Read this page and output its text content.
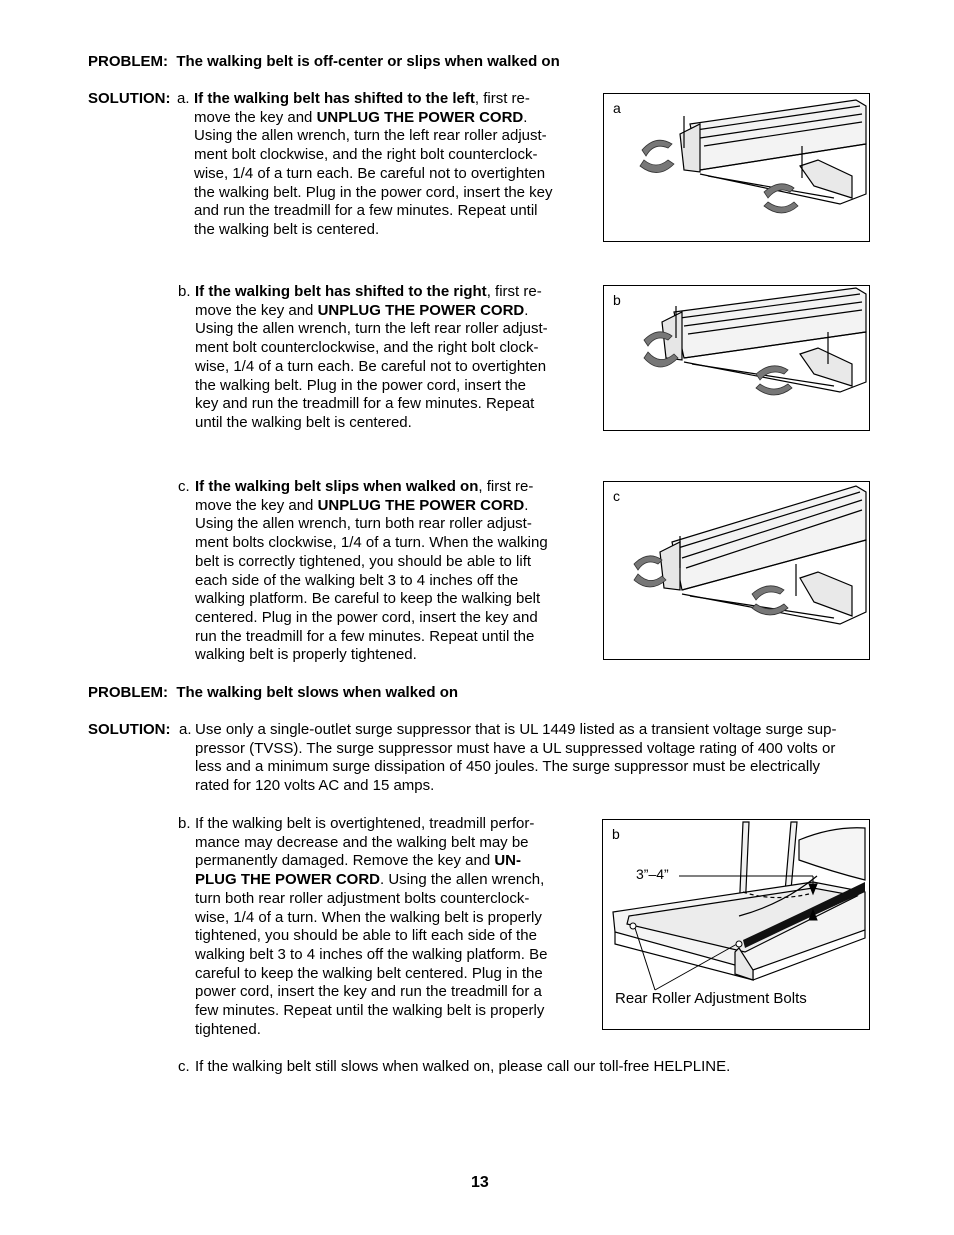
PROBLEM: The walking belt is off-center or slips when walked on
SOLUTION: a. If the walking belt has shifted to the left, first re-
move the key and UNPLUG THE POWER CORD.
Using the allen wrench, turn the left rear roller adjust-
ment bolt clockwise, and the right bolt counterclock-
wise, 1/4 of a turn each. Be careful not to overtighten
the walking belt. Plug in the power cord, insert the key
and run the treadmill for a few minutes. Repeat until
the walking belt is centered.
b. If the walking belt has shifted to the right, first re-
move the key and UNPLUG THE POWER CORD.
Using the allen wrench, turn the left rear roller adjust-
ment bolt counterclockwise, and the right bolt clock-
wise, 1/4 of a turn each. Be careful not to overtighten
the walking belt. Plug in the power cord, insert the
key and run the treadmill for a few minutes. Repeat
until the walking belt is centered.
c. If the walking belt slips when walked on, first re-
move the key and UNPLUG THE POWER CORD.
Using the allen wrench, turn both rear roller adjust-
ment bolts clockwise, 1/4 of a turn. When the walking
belt is correctly tightened, you should be able to lift
each side of the walking belt 3 to 4 inches off the
walking platform. Be careful to keep the walking belt
centered. Plug in the power cord, insert the key and
run the treadmill for a few minutes. Repeat until the
walking belt is properly tightened.
PROBLEM: The walking belt slows when walked on
SOLUTION: a. Use only a single-outlet surge suppressor that is UL 1449 listed as a transient voltage surge sup-
pressor (TVSS). The surge suppressor must have a UL suppressed voltage rating of 400 volts or
less and a minimum surge dissipation of 450 joules. The surge suppressor must be electrically
rated for 120 volts AC and 15 amps.
b. If the walking belt is overtightened, treadmill perfor-
mance may decrease and the walking belt may be
permanently damaged. Remove the key and UN-
PLUG THE POWER CORD. Using the allen wrench,
turn both rear roller adjustment bolts counterclock-
wise, 1/4 of a turn. When the walking belt is properly
tightened, you should be able to lift each side of the
walking belt 3 to 4 inches off the walking platform. Be
careful to keep the walking belt centered. Plug in the
power cord, insert the key and run the treadmill for a
few minutes. Repeat until the walking belt is properly
tightened.
c. If the walking belt still slows when walked on, please call our toll-free HELPLINE.
a
b
c
b
3”–4”
Rear Roller Adjustment Bolts
13
